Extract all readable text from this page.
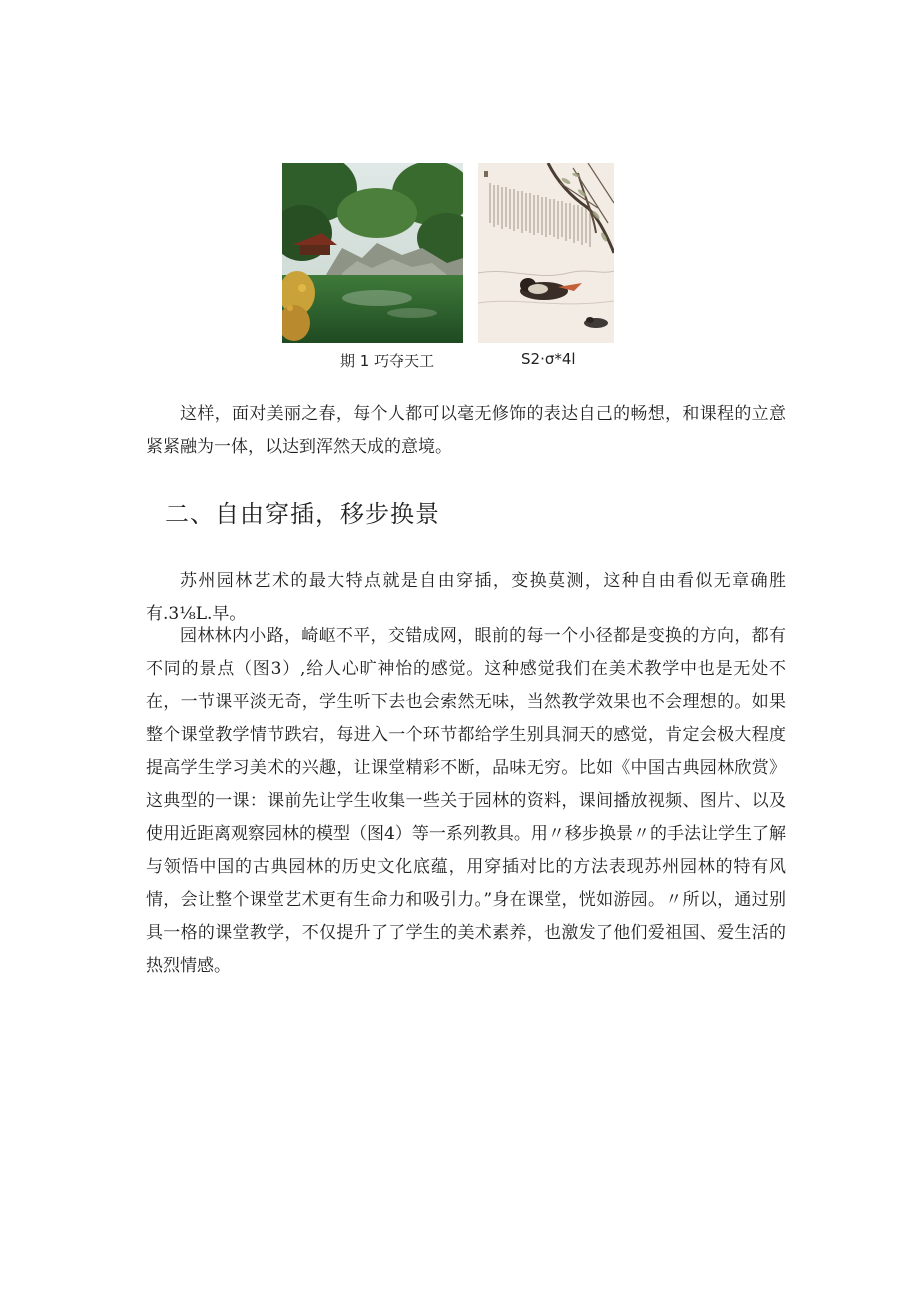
期 1 巧夺天工	S2·σ*4l

这样，面对美丽之春，每个人都可以毫无修饰的表达自己的畅想，和课程的立意紧紧融为一体，以达到浑然天成的意境。

二、自由穿插，移步换景

苏州园林艺术的最大特点就是自由穿插，变换莫测，这种自由看似无章确胜有.3⅛L.早。

园林林内小路，崎岖不平，交错成网，眼前的每一个小径都是变换的方向，都有不同的景点（图3）,给人心旷神怡的感觉。这种感觉我们在美术教学中也是无处不在，一节课平淡无奇，学生听下去也会索然无味，当然教学效果也不会理想的。如果整个课堂教学情节跌宕，每进入一个环节都给学生别具洞天的感觉，肯定会极大程度提高学生学习美术的兴趣，让课堂精彩不断，品味无穷。比如《中国古典园林欣赏》这典型的一课：课前先让学生收集一些关于园林的资料，课间播放视频、图片、以及使用近距离观察园林的模型（图4）等一系列教具。用〃移步换景〃的手法让学生了解与领悟中国的古典园林的历史文化底蕴，用穿插对比的方法表现苏州园林的特有风情，会让整个课堂艺术更有生命力和吸引力。”身在课堂，恍如游园。〃所以，通过别具一格的课堂教学，不仅提升了了学生的美术素养，也激发了他们爱祖国、爱生活的热烈情感。
